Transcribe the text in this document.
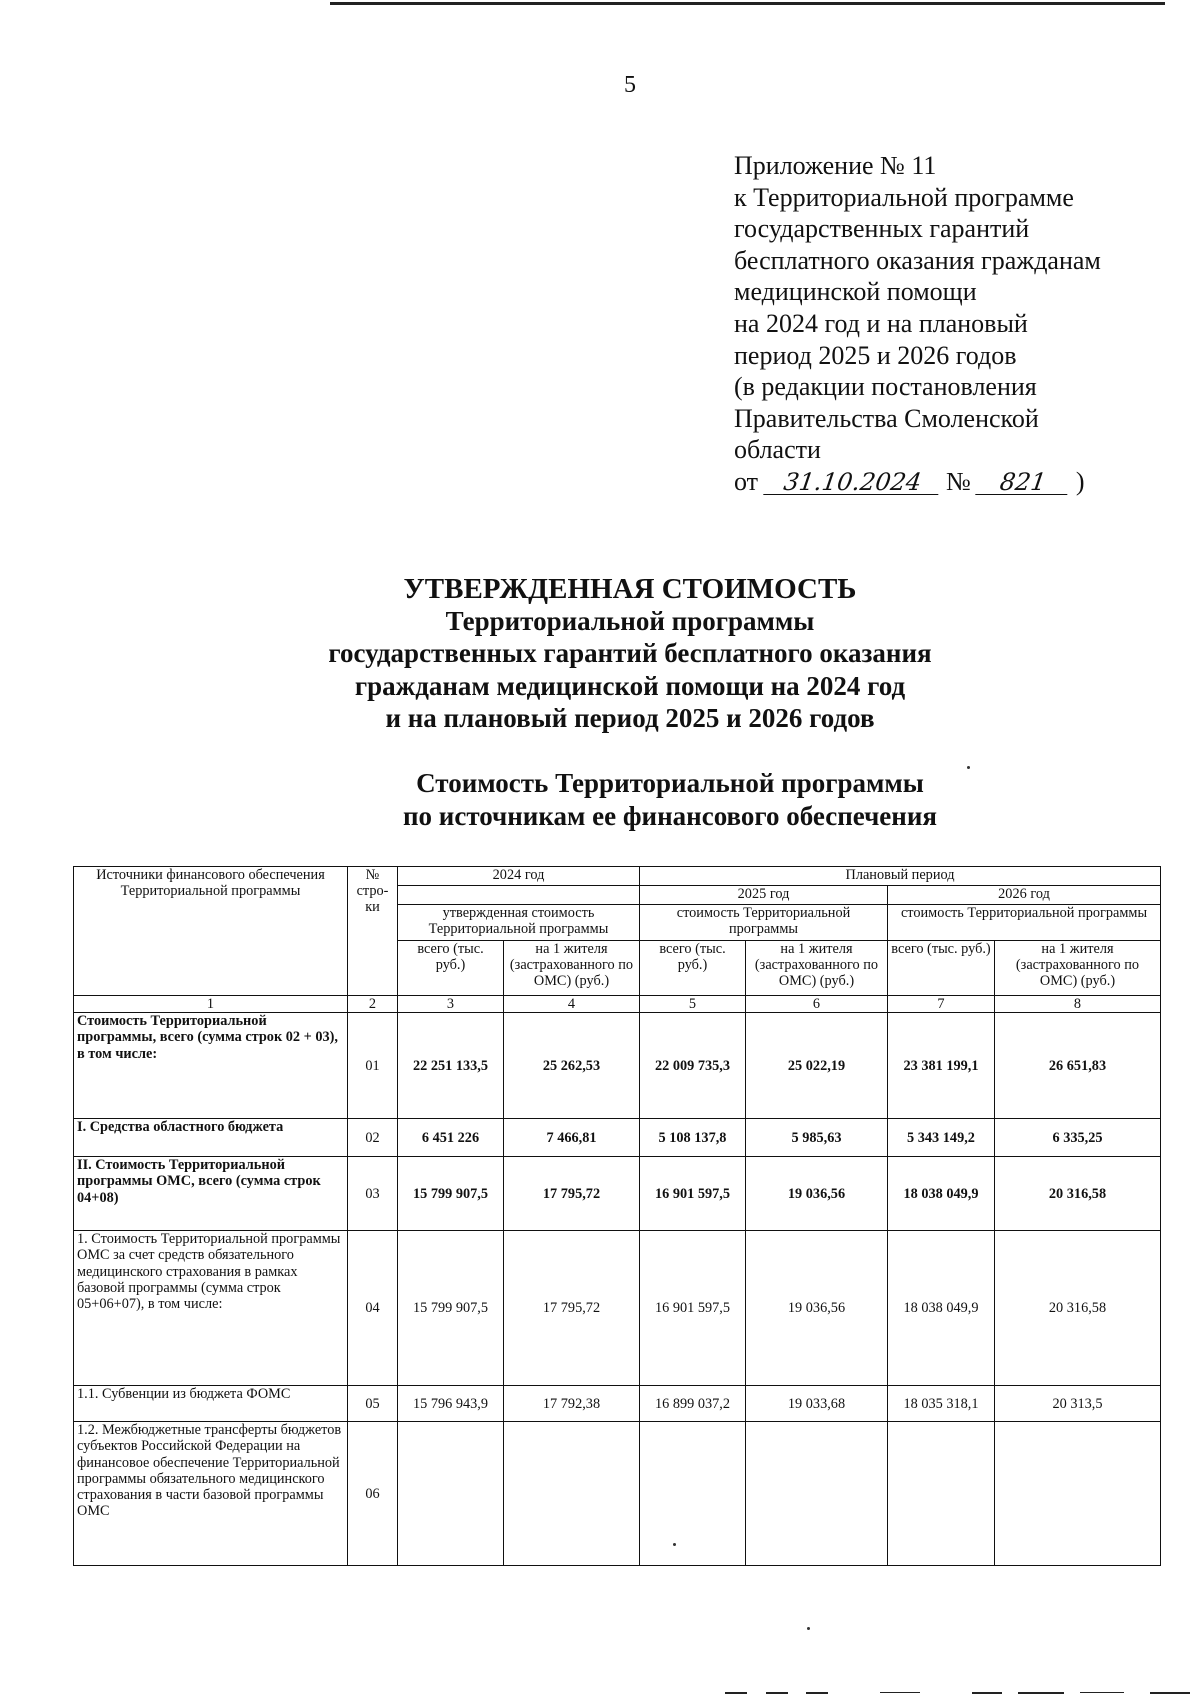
5
Приложение № 11
к Территориальной программе
государственных гарантий
бесплатного оказания гражданам
медицинской помощи
на 2024 год и на плановый
период 2025 и 2026 годов
(в редакции постановления
Правительства Смоленской
области
от 31.10.2024 № 821 )
УТВЕРЖДЕННАЯ СТОИМОСТЬ
Территориальной программы
государственных гарантий бесплатного оказания
гражданам медицинской помощи на 2024 год
и на плановый период 2025 и 2026 годов
Стоимость Территориальной программы
по источникам ее финансового обеспечения
Источники финансового обеспечения Территориальной программы	№ стро-ки	2024 год		Плановый период			
				2025 год		2026 год	
		утвержденная стоимость Территориальной программы		стоимость Территориальной программы		стоимость Территориальной программы	
		всего (тыс. руб.)	на 1 жителя (застрахованного по ОМС) (руб.)	всего (тыс. руб.)	на 1 жителя (застрахованного по ОМС) (руб.)	всего (тыс. руб.)	на 1 жителя (застрахованного по ОМС) (руб.)
1	2	3	4	5	6	7	8
Стоимость Территориальной программы, всего (сумма строк 02 + 03), в том числе:	01	22 251 133,5	25 262,53	22 009 735,3	25 022,19	23 381 199,1	26 651,83
I. Средства областного бюджета	02	6 451 226	7 466,81	5 108 137,8	5 985,63	5 343 149,2	6 335,25
II. Стоимость Территориальной программы ОМС, всего (сумма строк 04+08)	03	15 799 907,5	17 795,72	16 901 597,5	19 036,56	18 038 049,9	20 316,58
1. Стоимость Территориальной программы ОМС за счет средств обязательного медицинского страхования в рамках базовой программы (сумма строк 05+06+07), в том числе:	04	15 799 907,5	17 795,72	16 901 597,5	19 036,56	18 038 049,9	20 316,58
1.1. Субвенции из бюджета ФОМС	05	15 796 943,9	17 792,38	16 899 037,2	19 033,68	18 035 318,1	20 313,5
1.2. Межбюджетные трансферты бюджетов субъектов Российской Федерации на финансовое обеспечение Территориальной программы обязательного медицинского страхования в части базовой программы ОМС	06						
